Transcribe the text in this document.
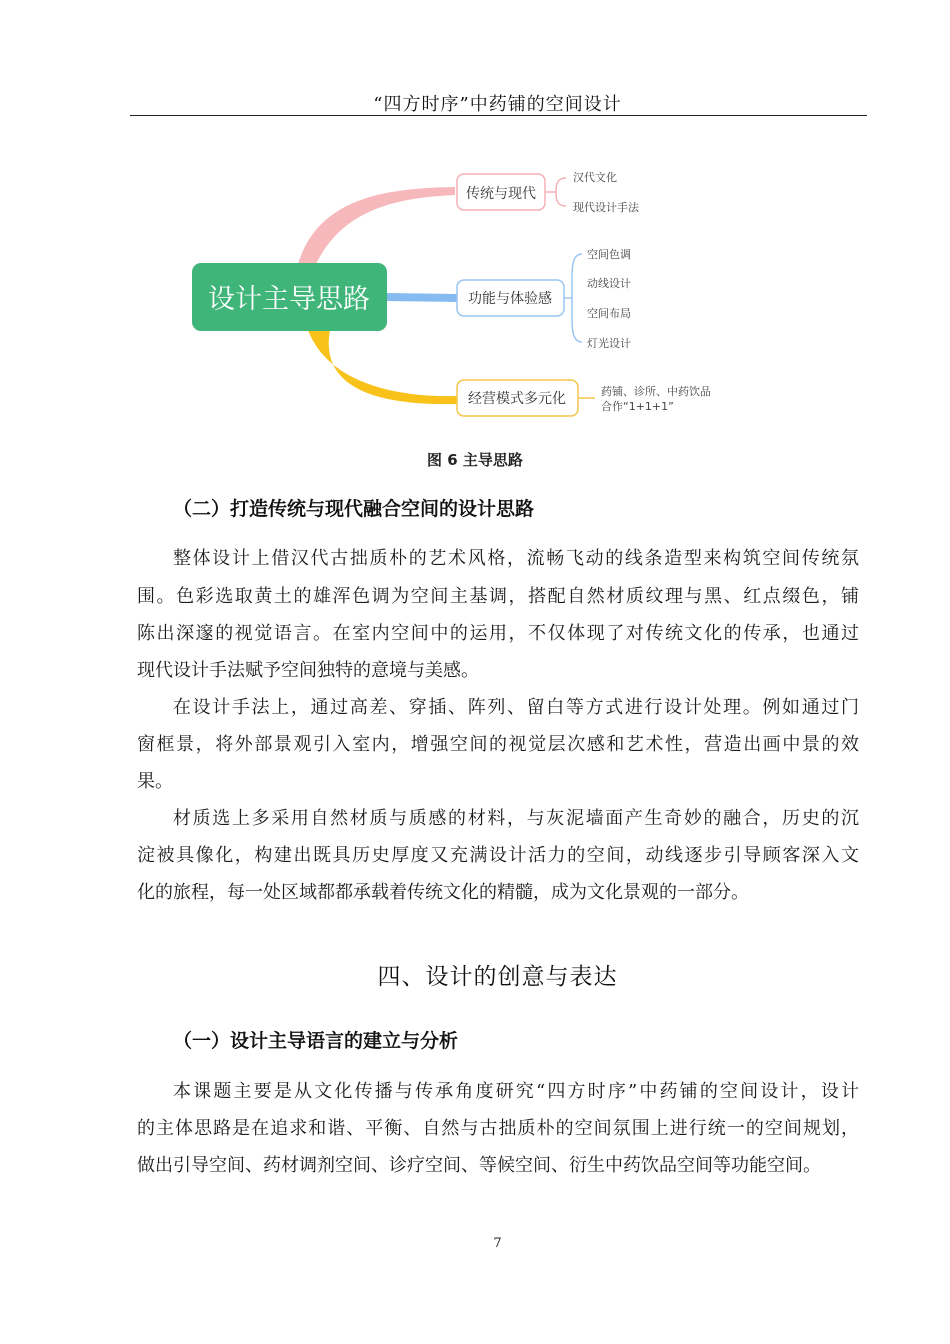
“四方时序”中药铺的空间设计
设计主导思路
传统与现代
汉代文化
现代设计手法
功能与体验感
空间色调
动线设计
空间布局
灯光设计
经营模式多元化	药铺、诊所、中药饮品
合作“1+1+1”
图 6 主导思路
（二）打造传统与现代融合空间的设计思路
整体设计上借汉代古拙质朴的艺术风格，流畅飞动的线条造型来构筑空间传统氛
围。色彩选取黄土的雄浑色调为空间主基调，搭配自然材质纹理与黑、红点缀色，铺
陈出深邃的视觉语言。在室内空间中的运用，不仅体现了对传统文化的传承，也通过
现代设计手法赋予空间独特的意境与美感。
在设计手法上，通过高差、穿插、阵列、留白等方式进行设计处理。例如通过门
窗框景，将外部景观引入室内，增强空间的视觉层次感和艺术性，营造出画中景的效
果。
材质选上多采用自然材质与质感的材料，与灰泥墙面产生奇妙的融合，历史的沉
淀被具像化，构建出既具历史厚度又充满设计活力的空间，动线逐步引导顾客深入文
化的旅程，每一处区域都都承载着传统文化的精髓，成为文化景观的一部分。
四、设计的创意与表达
（一）设计主导语言的建立与分析
本课题主要是从文化传播与传承角度研究“四方时序”中药铺的空间设计，设计
的主体思路是在追求和谐、平衡、自然与古拙质朴的空间氛围上进行统一的空间规划，
做出引导空间、药材调剂空间、诊疗空间、等候空间、衍生中药饮品空间等功能空间。
7
